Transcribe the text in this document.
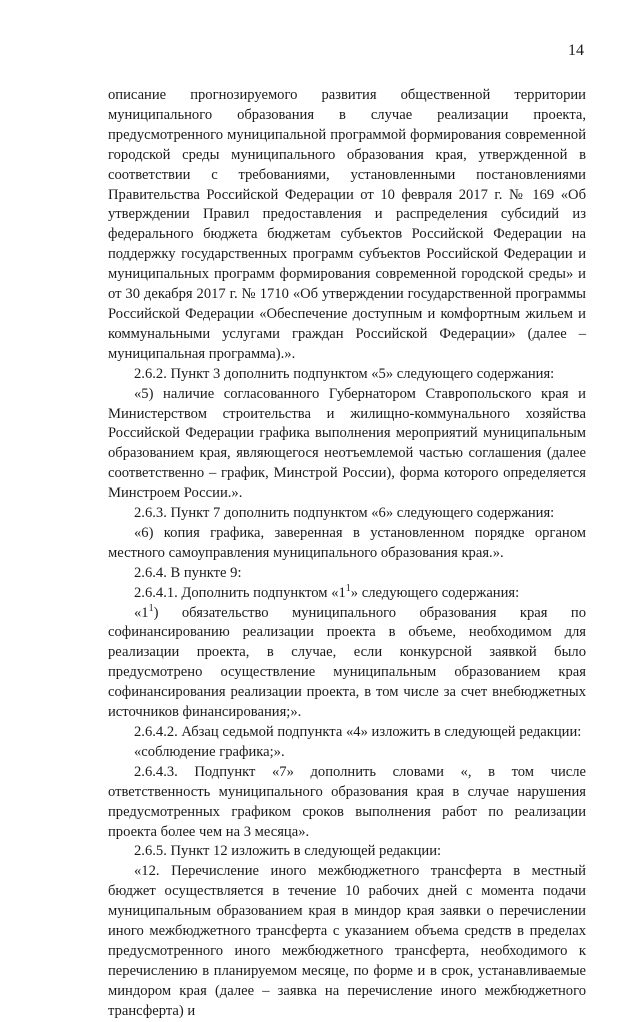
14

описание прогнозируемого развития общественной территории муниципального образования в случае реализации проекта, предусмотренного муниципальной программой формирования современной городской среды муниципального образования края, утвержденной в соответствии с требованиями, установленными постановлениями Правительства Российской Федерации от 10 февраля 2017 г. № 169 «Об утверждении Правил предоставления и распределения субсидий из федерального бюджета бюджетам субъектов Российской Федерации на поддержку государственных программ субъектов Российской Федерации и муниципальных программ формирования современной городской среды» и от 30 декабря 2017 г. № 1710 «Об утверждении государственной программы Российской Федерации «Обеспечение доступным и комфортным жильем и коммунальными услугами граждан Российской Федерации» (далее – муниципальная программа).».

2.6.2. Пункт 3 дополнить подпунктом «5» следующего содержания:

«5) наличие согласованного Губернатором Ставропольского края и Министерством строительства и жилищно-коммунального хозяйства Российской Федерации графика выполнения мероприятий муниципальным образованием края, являющегося неотъемлемой частью соглашения (далее соответственно – график, Минстрой России), форма которого определяется Минстроем России.».

2.6.3. Пункт 7 дополнить подпунктом «6» следующего содержания:

«6) копия графика, заверенная в установленном порядке органом местного самоуправления муниципального образования края.».

2.6.4. В пункте 9:

2.6.4.1. Дополнить подпунктом «$1^1$» следующего содержания:

«$1^1$) обязательство муниципального образования края по софинансированию реализации проекта в объеме, необходимом для реализации проекта, в случае, если конкурсной заявкой было предусмотрено осуществление муниципальным образованием края софинансирования реализации проекта, в том числе за счет внебюджетных источников финансирования;».

2.6.4.2. Абзац седьмой подпункта «4» изложить в следующей редакции:

«соблюдение графика;».

2.6.4.3. Подпункт «7» дополнить словами «, в том числе ответственность муниципального образования края в случае нарушения предусмотренных графиком сроков выполнения работ по реализации проекта более чем на 3 месяца».

2.6.5. Пункт 12 изложить в следующей редакции:

«12. Перечисление иного межбюджетного трансферта в местный бюджет осуществляется в течение 10 рабочих дней с момента подачи муниципальным образованием края в миндор края заявки о перечислении иного межбюджетного трансферта с указанием объема средств в пределах предусмотренного иного межбюджетного трансферта, необходимого к перечислению в планируемом месяце, по форме и в срок, устанавливаемые миндором края (далее – заявка на перечисление иного межбюджетного трансферта) и
